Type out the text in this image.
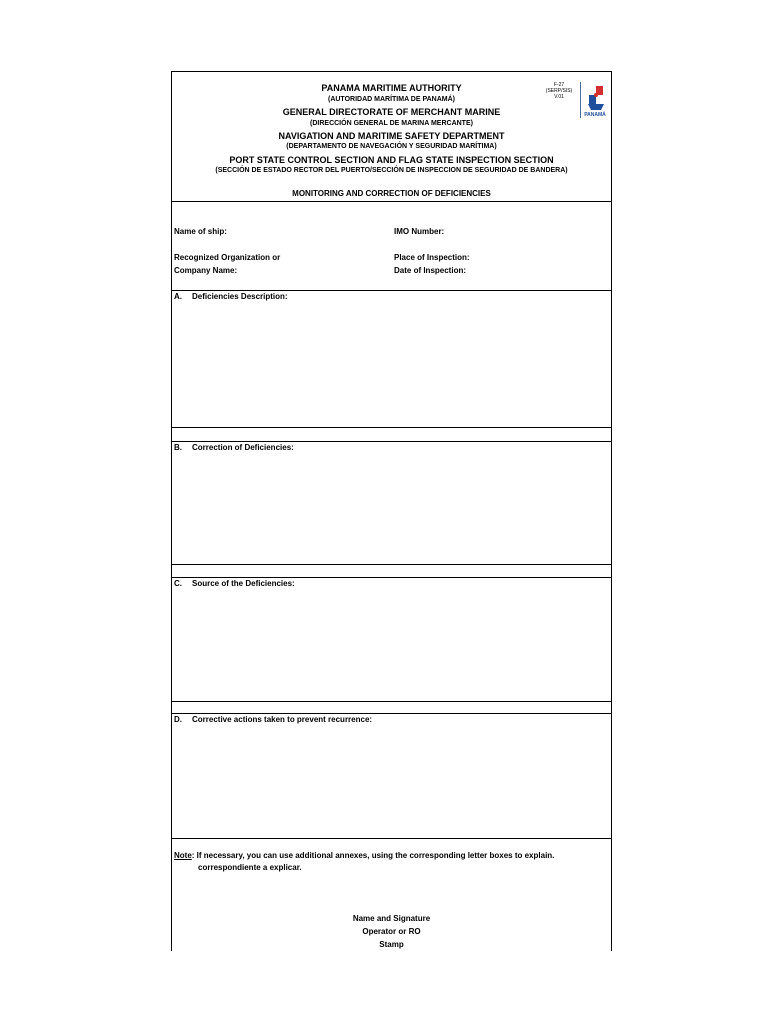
PANAMA MARITIME AUTHORITY
(AUTORIDAD MARÍTIMA DE PANAMÁ)
GENERAL DIRECTORATE OF MERCHANT MARINE
(DIRECCIÓN GENERAL DE MARINA MERCANTE)
NAVIGATION AND MARITIME SAFETY DEPARTMENT
(DEPARTAMENTO DE NAVEGACIÓN Y SEGURIDAD MARÍTIMA)
PORT STATE CONTROL SECTION AND FLAG STATE INSPECTION SECTION
(SECCIÓN DE ESTADO RECTOR DEL PUERTO/SECCIÓN DE INSPECCION DE SEGURIDAD DE BANDERA)
MONITORING AND CORRECTION OF DEFICIENCIES
F-27
(SERP/SIS)
V.01
PANAMÁ
Name of ship:	IMO Number:
Recognized Organization or
Company Name:
Place of Inspection:
Date of Inspection:
A. Deficiencies Description:
B. Correction of Deficiencies:
C. Source of the Deficiencies:
D. Corrective actions taken to prevent recurrence:
Note: If necessary, you can use additional annexes, using the corresponding letter boxes to explain.
correspondiente a explicar.
Name and Signature
Operator or RO
Stamp
